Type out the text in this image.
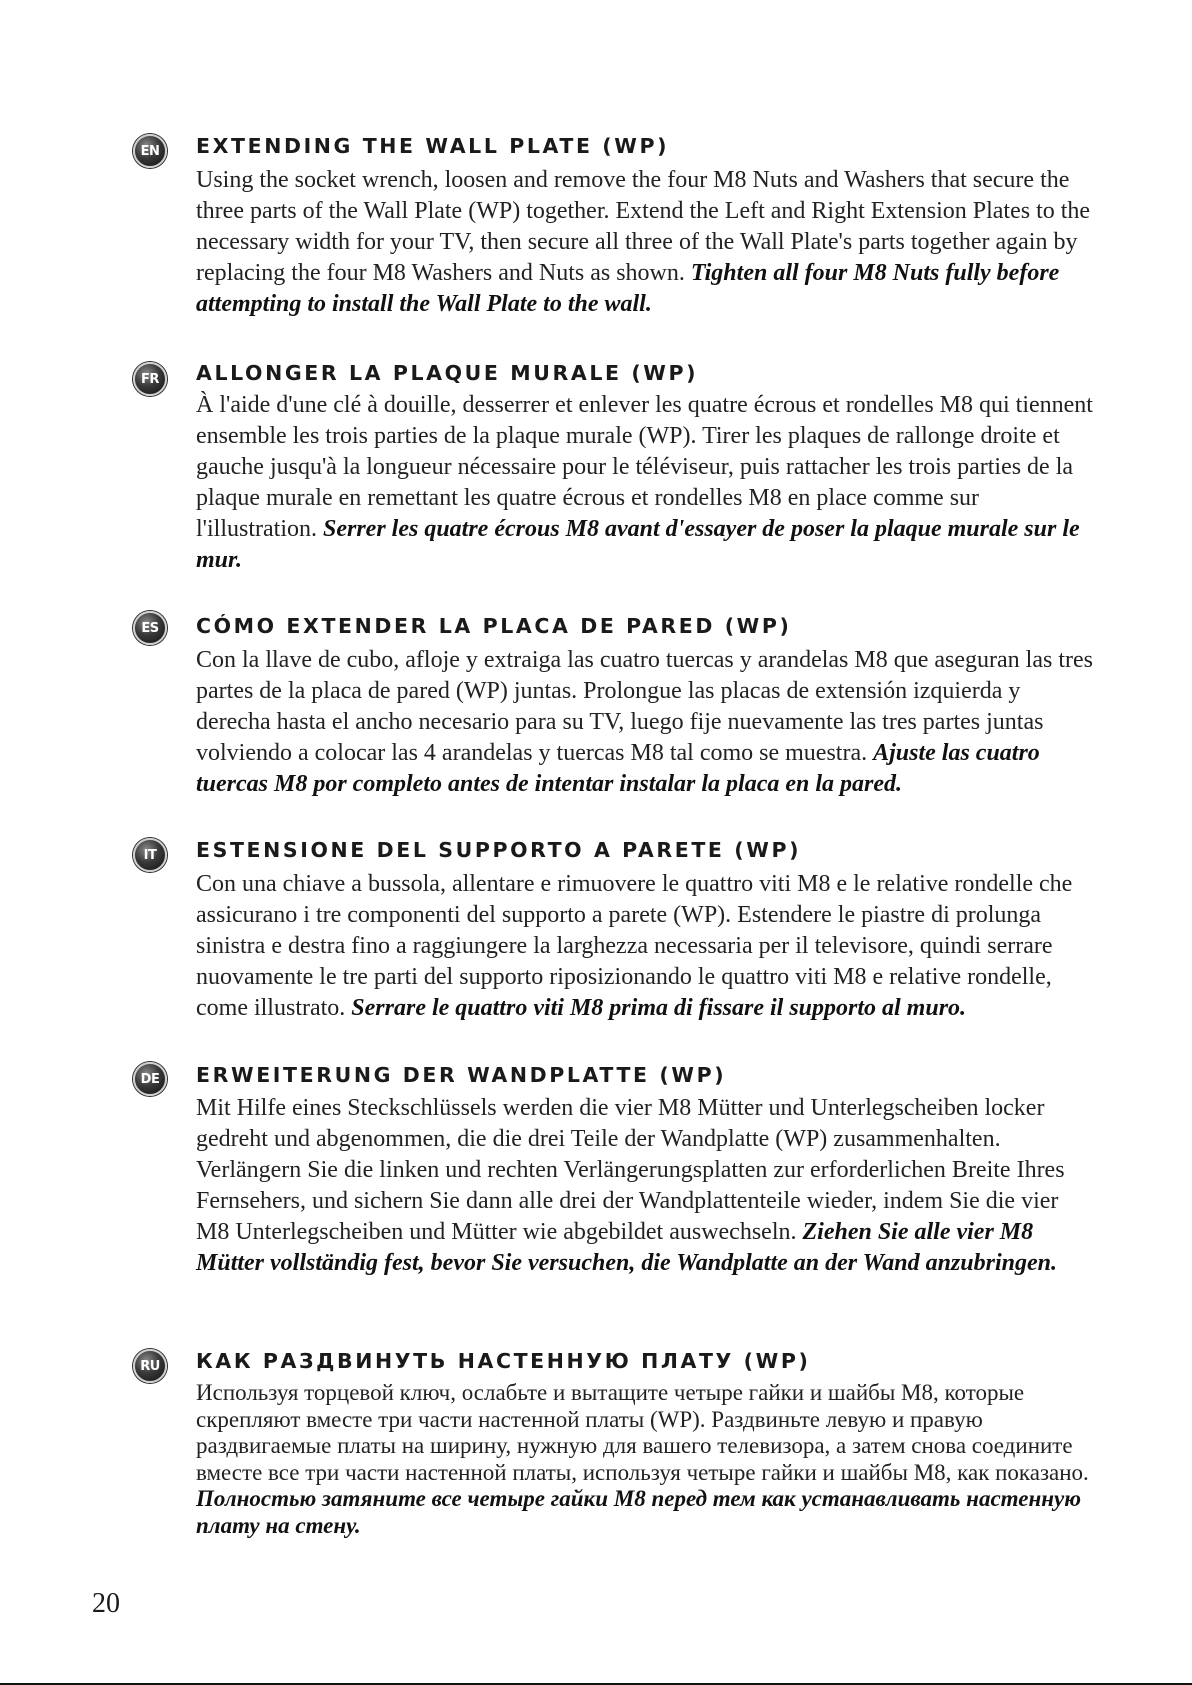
EN	EXTENDING THE WALL PLATE (WP)

Using the socket wrench, loosen and remove the four M8 Nuts and Washers that secure the three parts of the Wall Plate (WP) together. Extend the Left and Right Extension Plates to the necessary width for your TV, then secure all three of the Wall Plate's parts together again by replacing the four M8 Washers and Nuts as shown. Tighten all four M8 Nuts fully before attempting to install the Wall Plate to the wall.

FR	ALLONGER LA PLAQUE MURALE (WP)

À l'aide d'une clé à douille, desserrer et enlever les quatre écrous et rondelles M8 qui tiennent ensemble les trois parties de la plaque murale (WP). Tirer les plaques de rallonge droite et gauche jusqu'à la longueur nécessaire pour le téléviseur, puis rattacher les trois parties de la plaque murale en remettant les quatre écrous et rondelles M8 en place comme sur l'illustration. Serrer les quatre écrous M8 avant d'essayer de poser la plaque murale sur le mur.

ES	CÓMO EXTENDER LA PLACA DE PARED (WP)

Con la llave de cubo, afloje y extraiga las cuatro tuercas y arandelas M8 que aseguran las tres partes de la placa de pared (WP) juntas. Prolongue las placas de extensión izquierda y derecha hasta el ancho necesario para su TV, luego fije nuevamente las tres partes juntas volviendo a colocar las 4 arandelas y tuercas M8 tal como se muestra. Ajuste las cuatro tuercas M8 por completo antes de intentar instalar la placa en la pared.

IT	ESTENSIONE DEL SUPPORTO A PARETE (WP)

Con una chiave a bussola, allentare e rimuovere le quattro viti M8 e le relative rondelle che assicurano i tre componenti del supporto a parete (WP). Estendere le piastre di prolunga sinistra e destra fino a raggiungere la larghezza necessaria per il televisore, quindi serrare nuovamente le tre parti del supporto riposizionando le quattro viti M8 e relative rondelle, come illustrato. Serrare le quattro viti M8 prima di fissare il supporto al muro.

DE	ERWEITERUNG DER WANDPLATTE (WP)

Mit Hilfe eines Steckschlüssels werden die vier M8 Mütter und Unterlegscheiben locker gedreht und abgenommen, die die drei Teile der Wandplatte (WP) zusammenhalten. Verlängern Sie die linken und rechten Verlängerungsplatten zur erforderlichen Breite Ihres Fernsehers, und sichern Sie dann alle drei der Wandplattenteile wieder, indem Sie die vier M8 Unterlegscheiben und Mütter wie abgebildet auswechseln. Ziehen Sie alle vier M8 Mütter vollständig fest, bevor Sie versuchen, die Wandplatte an der Wand anzubringen.

RU	КАК РАЗДВИНУТЬ НАСТЕННУЮ ПЛАТУ (WP)

Используя торцевой ключ, ослабьте и вытащите четыре гайки и шайбы М8, которые скрепляют вместе три части настенной платы (WP). Раздвиньте левую и правую раздвигаемые платы на ширину, нужную для вашего телевизора, а затем снова соедините вместе все три части настенной платы, используя четыре гайки и шайбы М8, как показано. Полностью затяните все четыре гайки М8 перед тем как устанавливать настенную плату на стену.

20
